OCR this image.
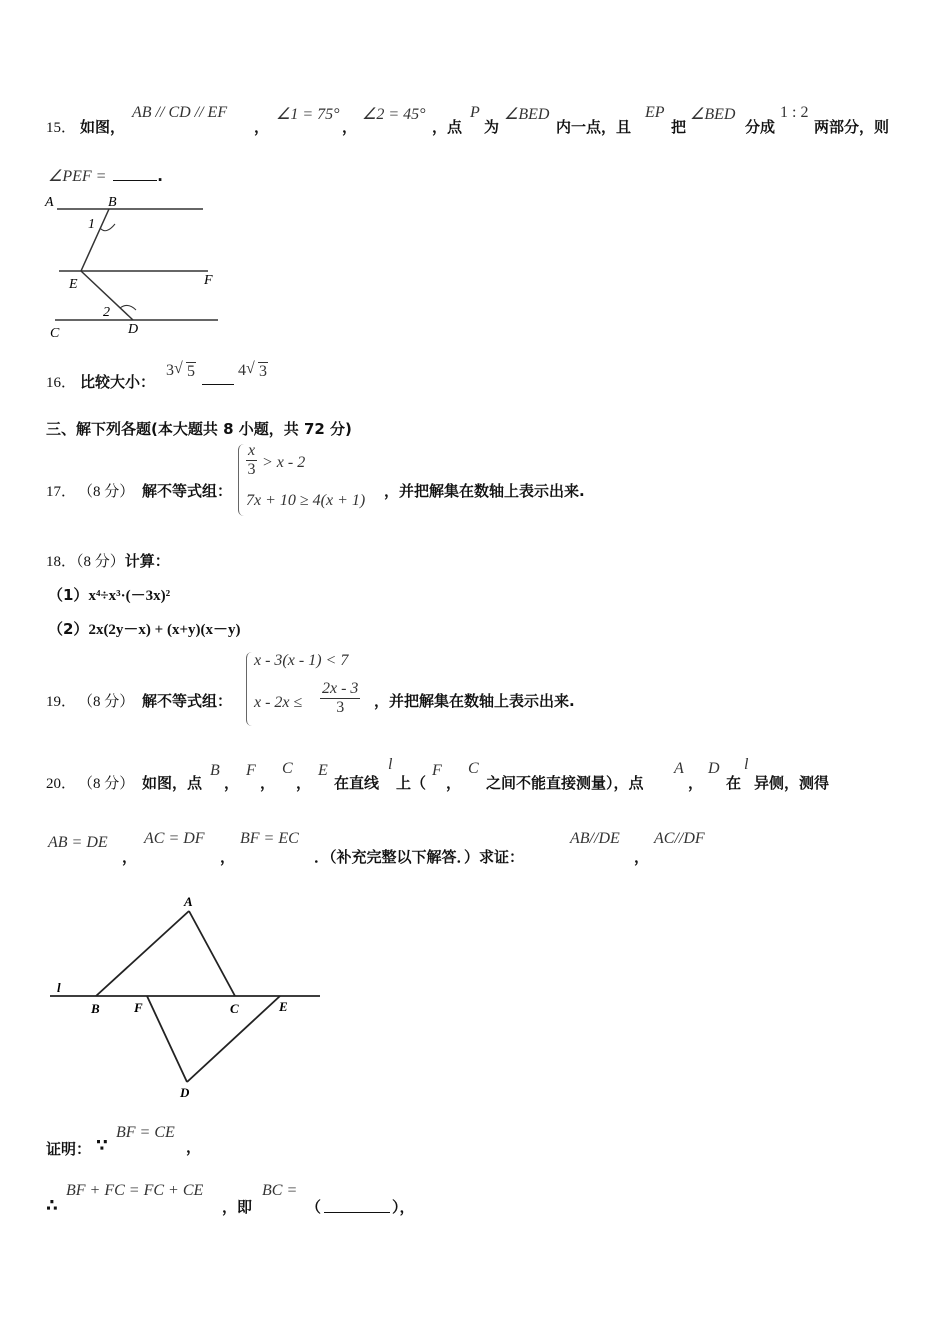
15． 如图，
AB // CD // EF
，
∠1 = 75°
，
∠2 = 45°
，点
P
为
∠BED
内一点，且
EP
把
∠BED
分成
1 : 2
两部分，则
∠PEF =	.
A	B
1
E	F
2
C	D
16． 比较大小：
3 √ 5	4 √ 3
三、解下列各题(本大题共 8 小题，共 72 分)
17． （8 分） 解不等式组：
$\frac{x}{3} > x - 2$
7x + 10 ≥ 4(x + 1)
，并把解集在数轴上表示出来.
18．（8 分）计算：
（1）x⁴÷x³·(－3x)²
（2）2x(2y－x) + (x+y)(x－y)
19． （8 分） 解不等式组：
x - 3(x - 1) < 7
$x - 2x \le \frac{2x - 3}{3}$ ，并把解集在数轴上表示出来.
20． （8 分） 如图，点
B
，
F
，
C
，
E
在直线
l
上（
F
，
C
之间不能直接测量），点
A
，
D
在
l
异侧，测得
AB = DE
，
AC = DF
，
BF = EC
．（补充完整以下解答．）求证：
AB//DE
，
AC//DF
A
l
B	F	C	E
D
证明： ∵
BF = CE
，
∴
BF + FC = FC + CE
，即
BC =
（	），
